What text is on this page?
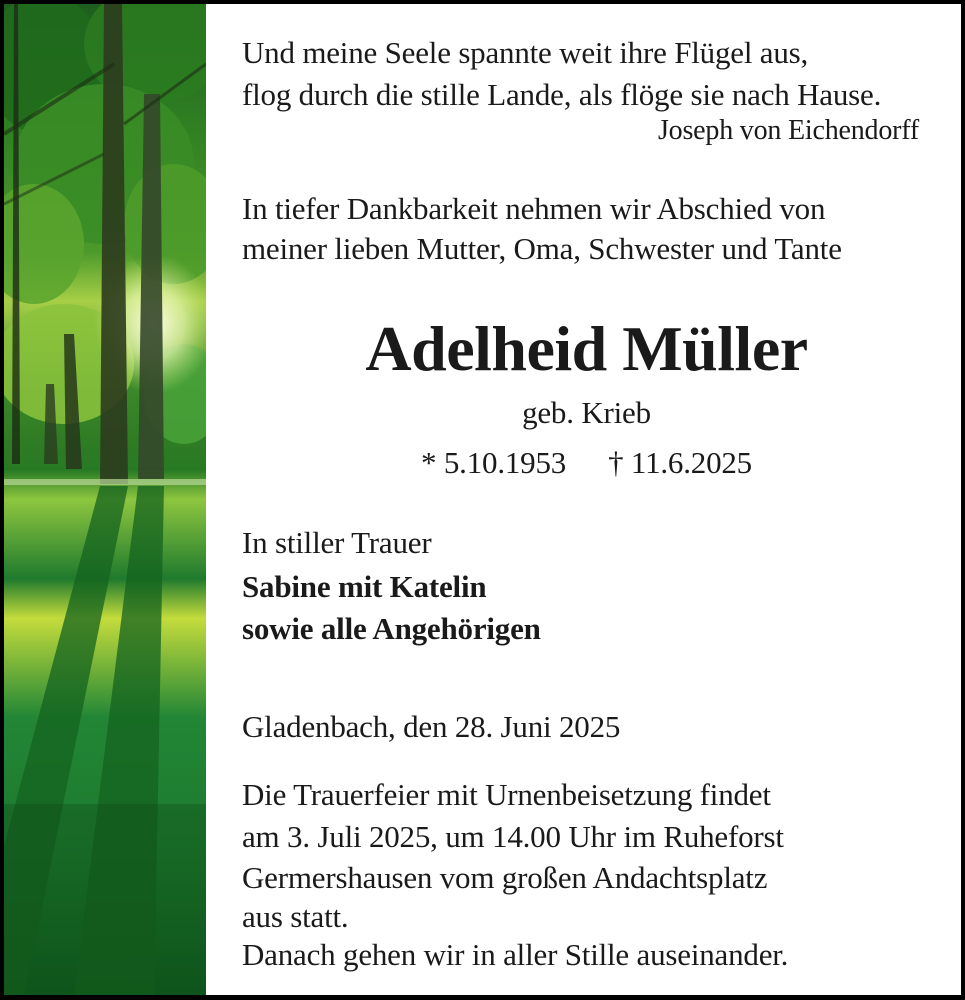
Und meine Seele spannte weit ihre Flügel aus,
flog durch die stille Lande, als flöge sie nach Hause.
Joseph von Eichendorff
In tiefer Dankbarkeit nehmen wir Abschied von
meiner lieben Mutter, Oma, Schwester und Tante
Adelheid Müller
geb. Krieb
* 5.10.1953 † 11.6.2025
In stiller Trauer
Sabine mit Katelin
sowie alle Angehörigen
Gladenbach, den 28. Juni 2025
Die Trauerfeier mit Urnenbeisetzung findet
am 3. Juli 2025, um 14.00 Uhr im Ruheforst
Germershausen vom großen Andachtsplatz
aus statt.
Danach gehen wir in aller Stille auseinander.
